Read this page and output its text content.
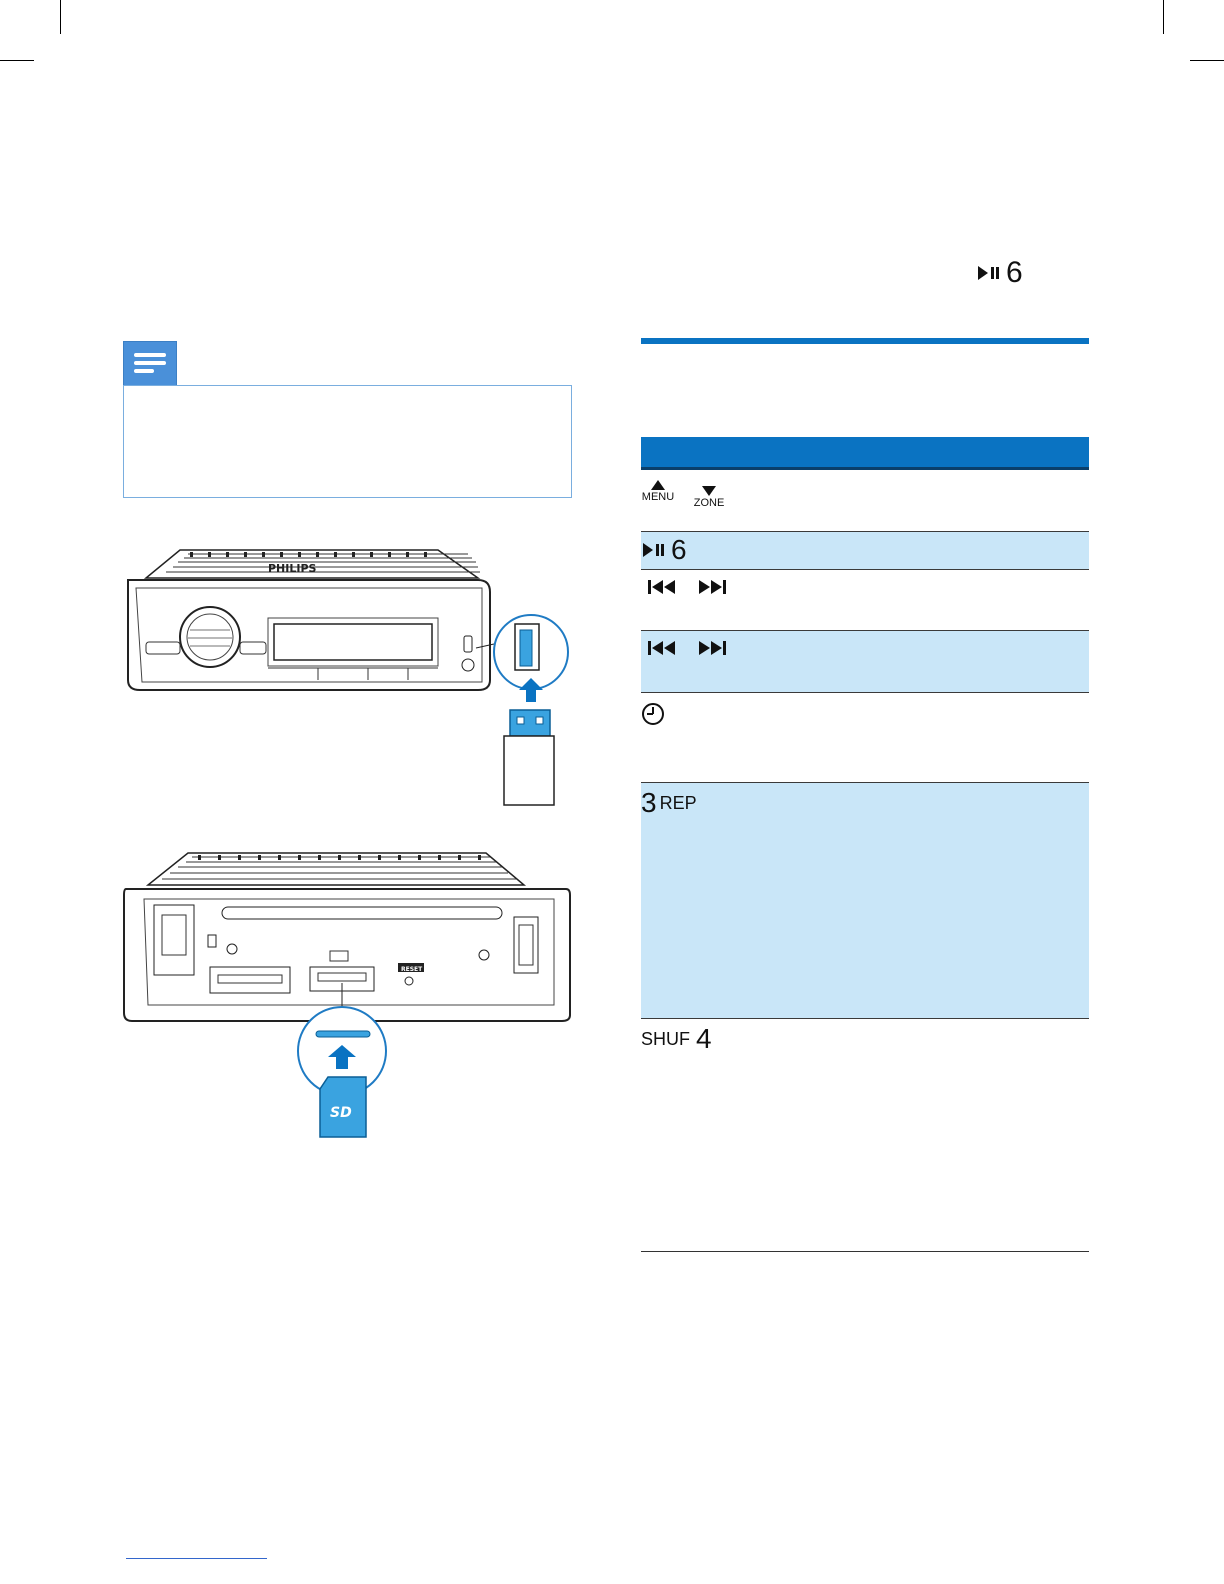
6
PHILIPS
RESET
SD
MENU ZONE
6
3 REP
SHUF 4
